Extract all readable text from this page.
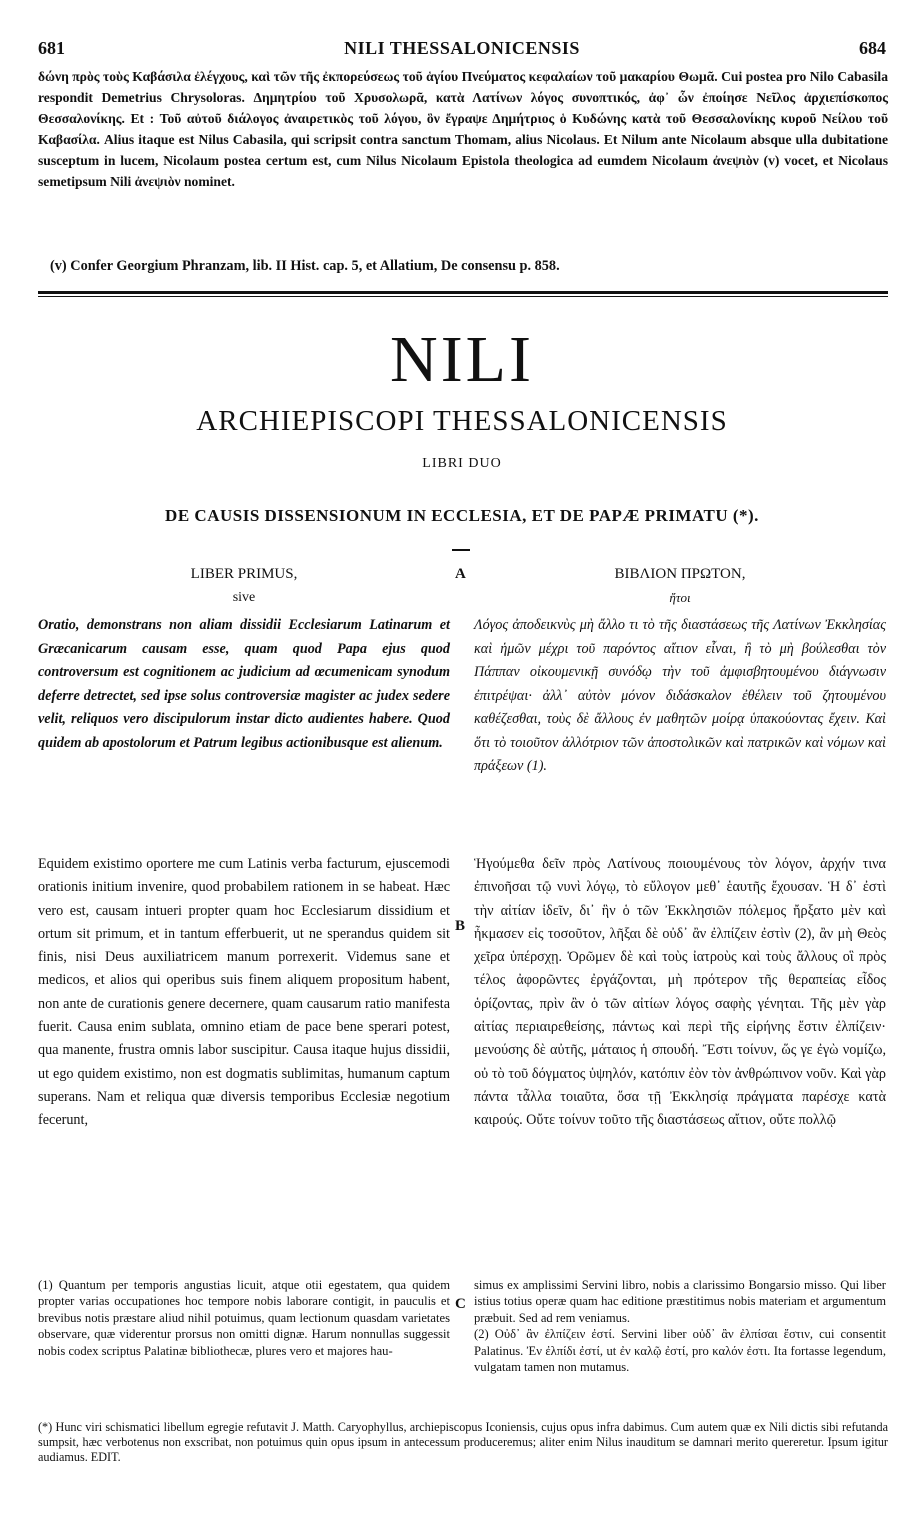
681	NILI THESSALONICENSIS	684

δώνη πρὸς τοὺς Καβάσιλα ἐλέγχους, καὶ τῶν τῆς ἐκπορεύσεως τοῦ ἁγίου Πνεύματος κεφαλαίων τοῦ μακαρίου Θωμᾶ. Cui postea pro Nilo Cabasila respondit Demetrius Chrysoloras. Δημητρίου τοῦ Χρυσολωρᾶ, κατὰ Λατίνων λόγος συνοπτικός, ἀφ᾽ ὧν ἐποίησε Νεῖλος ἀρχιεπίσκοπος Θεσσαλονίκης. Et : Τοῦ αὐτοῦ διάλογος ἀναιρετικὸς τοῦ λόγου, ὃν ἔγραψε Δημήτριος ὁ Κυδώνης κατὰ τοῦ Θεσσαλονίκης κυροῦ Νείλου τοῦ Καβασίλα. Alius itaque est Nilus Cabasila, qui scripsit contra sanctum Thomam, alius Nicolaus. Et Nilum ante Nicolaum absque ulla dubitatione susceptum in lucem, Nicolaum postea certum est, cum Nilus Nicolaum Epistola theologica ad eumdem Nicolaum ἀνεψιὸν (v) vocet, et Nicolaus semetipsum Nili ἀνεψιὸν nominet.

(v) Confer Georgium Phranzam, lib. II Hist. cap. 5, et Allatium, De consensu p. 858.
NILI
ARCHIEPISCOPI THESSALONICENSIS
LIBRI DUO
DE CAUSIS DISSENSIONUM IN ECCLESIA, ET DE PAPÆ PRIMATU (*).
LIBER PRIMUS,
sive

Oratio, demonstrans non aliam dissidii Ecclesiarum Latinarum et Græcanicarum causam esse, quam quod Papa ejus quod controversum est cognitionem ac judicium ad œcumenicam synodum deferre detrectet, sed ipse solus controversiæ magister ac judex sedere velit, reliquos vero discipulorum instar dicto audientes habere. Quod quidem ab apostolorum et Patrum legibus actionibusque est alienum.

Equidem existimo oportere me cum Latinis verba facturum, ejuscemodi orationis initium invenire, quod probabilem rationem in se habeat. Hæc vero est, causam intueri propter quam hoc Ecclesiarum dissidium et ortum sit primum, et in tantum efferbuerit, ut ne sperandus quidem sit finis, nisi Deus auxiliatricem manum porrexerit. Videmus sane et medicos, et alios qui operibus suis finem aliquem propositum habent, non ante de curationis genere decernere, quam causarum ratio manifesta fuerit. Causa enim sublata, omnino etiam de pace bene sperari potest, qua manente, frustra omnis labor suscipitur. Causa itaque hujus dissidii, ut ego quidem existimo, non est dogmatis sublimitas, humanum captum superans. Nam et reliqua quæ diversis temporibus Ecclesiæ negotium fecerunt,

(1) Quantum per temporis angustias licuit, atque otii egestatem, qua quidem propter varias occupationes hoc tempore nobis laborare contigit, in pauculis et brevibus notis præstare aliud nihil potuimus, quam lectionum quasdam varietates observare, quæ viderentur prorsus non omitti dignæ. Harum nonnullas suggessit nobis codex scriptus Palatinæ bibliothecæ, plures vero et majores hau-

A
B
C
ΒΙΒΛΙΟΝ ΠΡΩΤΟΝ,
ἤτοι

Λόγος ἀποδεικνὺς μὴ ἄλλο τι τὸ τῆς διαστάσεως τῆς Λατίνων Ἐκκλησίας καὶ ἡμῶν μέχρι τοῦ παρόντος αἴτιον εἶναι, ἢ τὸ μὴ βούλεσθαι τὸν Πάππαν οἰκουμενικῇ συνόδῳ τὴν τοῦ ἀμφισβητουμένου διάγνωσιν ἐπιτρέψαι· ἀλλ᾽ αὐτὸν μόνον διδάσκαλον ἐθέλειν τοῦ ζητουμένου καθέζεσθαι, τοὺς δὲ ἄλλους ἐν μαθητῶν μοίρᾳ ὑπακούοντας ἔχειν. Καὶ ὅτι τὸ τοιοῦτον ἀλλότριον τῶν ἀποστολικῶν καὶ πατρικῶν καὶ νόμων καὶ πράξεων (1).

Ἡγούμεθα δεῖν πρὸς Λατίνους ποιουμένους τὸν λόγον, ἀρχήν τινα ἐπινοῆσαι τῷ νυνὶ λόγῳ, τὸ εὔλογον μεθ᾽ ἑαυτῆς ἔχουσαν. Ἡ δ᾽ ἐστὶ τὴν αἰτίαν ἰδεῖν, δι᾽ ἣν ὁ τῶν Ἐκκλησιῶν πόλεμος ἤρξατο μὲν καὶ ἦκμασεν εἰς τοσοῦτον, λῆξαι δὲ οὐδ᾽ ἂν ἐλπίζειν ἐστὶν (2), ἂν μὴ Θεὸς χεῖρα ὑπέρσχῃ. Ὁρῶμεν δὲ καὶ τοὺς ἰατροὺς καὶ τοὺς ἄλλους οἳ πρὸς τέλος ἀφορῶντες ἐργάζονται, μὴ πρότερον τῆς θεραπείας εἶδος ὁρίζοντας, πρὶν ἂν ὁ τῶν αἰτίων λόγος σαφὴς γένηται. Τῆς μὲν γὰρ αἰτίας περιαιρεθείσης, πάντως καὶ περὶ τῆς εἰρήνης ἔστιν ἐλπίζειν· μενούσης δὲ αὐτῆς, μάταιος ἡ σπουδή. Ἔστι τοίνυν, ὥς γε ἐγὼ νομίζω, οὐ τὸ τοῦ δόγματος ὑψηλόν, κατόπιν ἐὸν τὸν ἀνθρώπινον νοῦν. Καὶ γὰρ πάντα τἆλλα τοιαῦτα, ὅσα τῇ Ἐκκλησίᾳ πράγματα παρέσχε κατὰ καιρούς. Οὔτε τοίνυν τοῦτο τῆς διαστάσεως αἴτιον, οὔτε πολλῷ

simus ex amplissimi Servini libro, nobis a clarissimo Bongarsio misso. Qui liber istius totius operæ quam hac editione præstitimus nobis materiam et argumentum præbuit. Sed ad rem veniamus.

(2) Οὐδ᾽ ἂν ἐλπίζειν ἐστί. Servini liber οὐδ᾽ ἂν ἐλπίσαι ἔστιν, cui consentit Palatinus. Ἐν ἐλπίδι ἐστί, ut ἐν καλῷ ἐστί, pro καλόν ἐστι. Ita fortasse legendum, vulgatam tamen non mutamus.

(*) Hunc viri schismatici libellum egregie refutavit J. Matth. Caryophyllus, archiepiscopus Iconiensis, cujus opus infra dabimus. Cum autem quæ ex Nili dictis sibi refutanda sumpsit, hæc verbotenus non exscribat, non potuimus quin opus ipsum in antecessum produceremus; aliter enim Nilus inauditum se damnari merito quereretur. Ipsum igitur audiamus. EDIT.
